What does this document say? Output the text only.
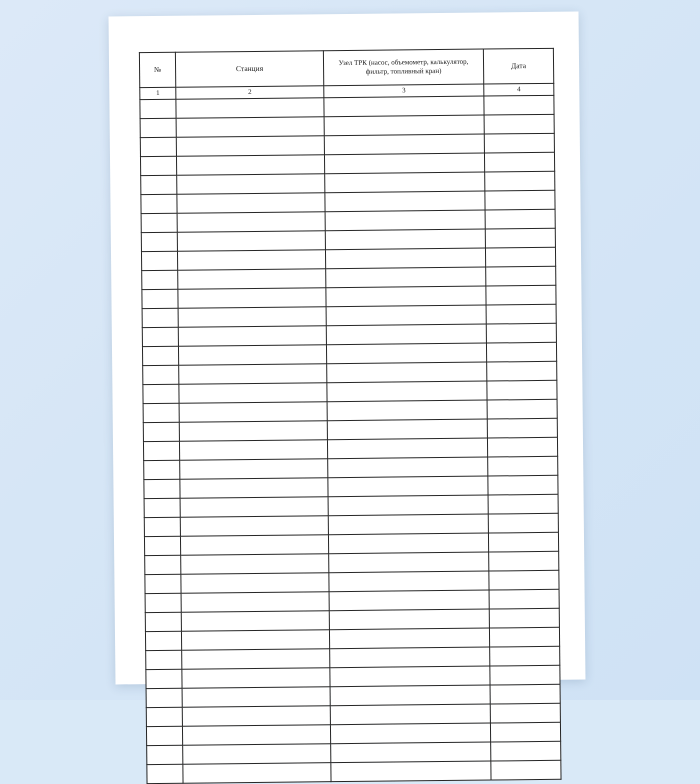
№	Станция	Узел ТРК (насос, объемометр, калькулятор, фильтр, топливный кран)	Дата

1	2	3	4
